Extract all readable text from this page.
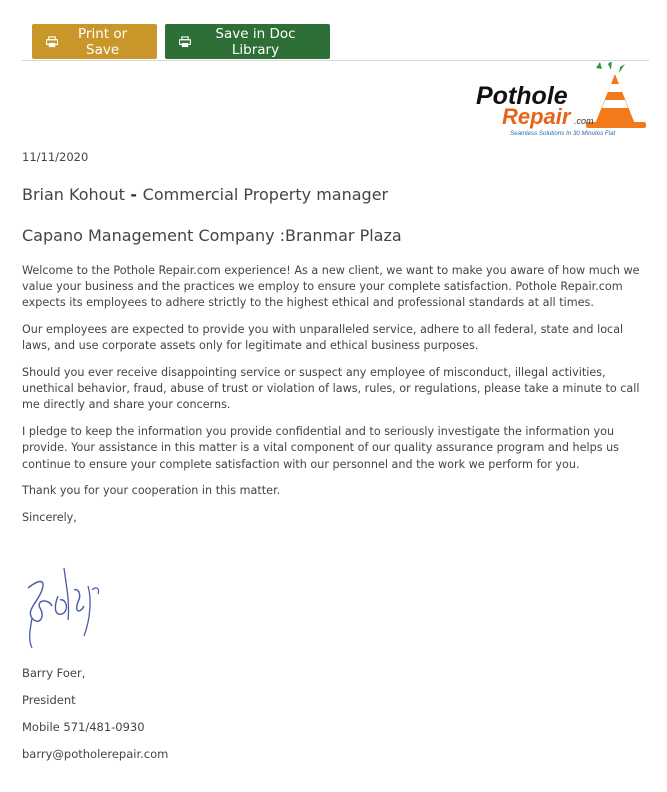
Print or Save
Save in Doc Library
Pothole
Repair .com
Seamless Solutions In 30 Minutes Flat
11/11/2020
Brian Kohout - Commercial Property manager
Capano Management Company :Branmar Plaza

Welcome to the Pothole Repair.com experience! As a new client, we want to make you aware of how much we value your business and the practices we employ to ensure your complete satisfaction. Pothole Repair.com expects its employees to adhere strictly to the highest ethical and professional standards at all times.

Our employees are expected to provide you with unparalleled service, adhere to all federal, state and local laws, and use corporate assets only for legitimate and ethical business purposes.

Should you ever receive disappointing service or suspect any employee of misconduct, illegal activities, unethical behavior, fraud, abuse of trust or violation of laws, rules, or regulations, please take a minute to call me directly and share your concerns.

I pledge to keep the information you provide confidential and to seriously investigate the information you provide. Your assistance in this matter is a vital component of our quality assurance program and helps us continue to ensure your complete satisfaction with our personnel and the work we perform for you.

Thank you for your cooperation in this matter.

Sincerely,

Barry Foer,
President
Mobile 571/481-0930
barry@potholerepair.com
